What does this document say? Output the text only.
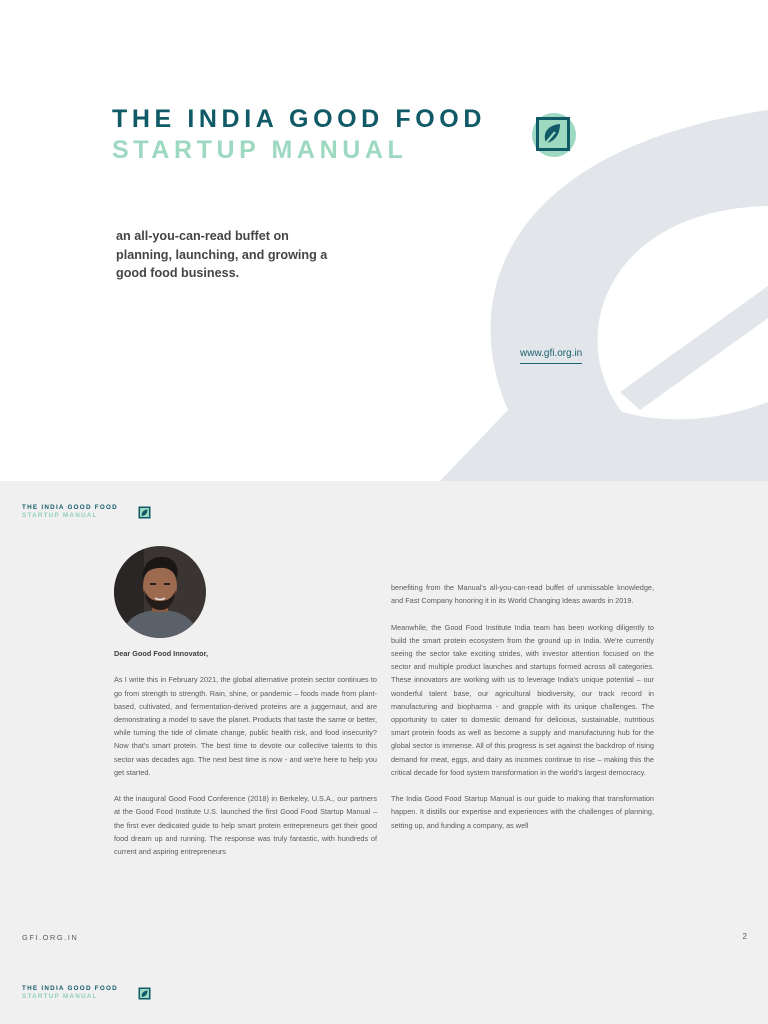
THE INDIA GOOD FOOD
STARTUP MANUAL
an all-you-can-read buffet on planning, launching, and growing a good food business.
www.gfi.org.in
THE INDIA GOOD FOOD
STARTUP MANUAL

Dear Good Food Innovator,

As I write this in February 2021, the global alternative protein sector continues to go from strength to strength. Rain, shine, or pandemic – foods made from plant-based, cultivated, and fermentation-derived proteins are a juggernaut, and are demonstrating a model to save the planet. Products that taste the same or better, while turning the tide of climate change, public health risk, and food insecurity? Now that's smart protein. The best time to devote our collective talents to this sector was decades ago. The next best time is now - and we're here to help you get started.

At the inaugural Good Food Conference (2018) in Berkeley, U.S.A., our partners at the Good Food Institute U.S. launched the first Good Food Startup Manual – the first ever dedicated guide to help smart protein entrepreneurs get their good food dream up and running. The response was truly fantastic, with hundreds of current and aspiring entrepreneurs

benefiting from the Manual's all-you-can-read buffet of unmissable knowledge, and Fast Company honoring it in its World Changing Ideas awards in 2019.

Meanwhile, the Good Food Institute India team has been working diligently to build the smart protein ecosystem from the ground up in India. We're currently seeing the sector take exciting strides, with investor attention focused on the sector and multiple product launches and startups formed across all categories. These innovators are working with us to leverage India's unique potential – our wonderful talent base, our agricultural biodiversity, our track record in manufacturing and biopharma - and grapple with its unique challenges. The opportunity to cater to domestic demand for delicious, sustainable, nutritious smart protein foods as well as become a supply and manufacturing hub for the global sector is immense. All of this progress is set against the backdrop of rising demand for meat, eggs, and dairy as incomes continue to rise – making this the critical decade for food system transformation in the world's largest democracy.

The India Good Food Startup Manual is our guide to making that transformation happen. It distills our expertise and experiences with the challenges of planning, setting up, and funding a company, as well

GFI.ORG.IN	2
THE INDIA GOOD FOOD
STARTUP MANUAL
